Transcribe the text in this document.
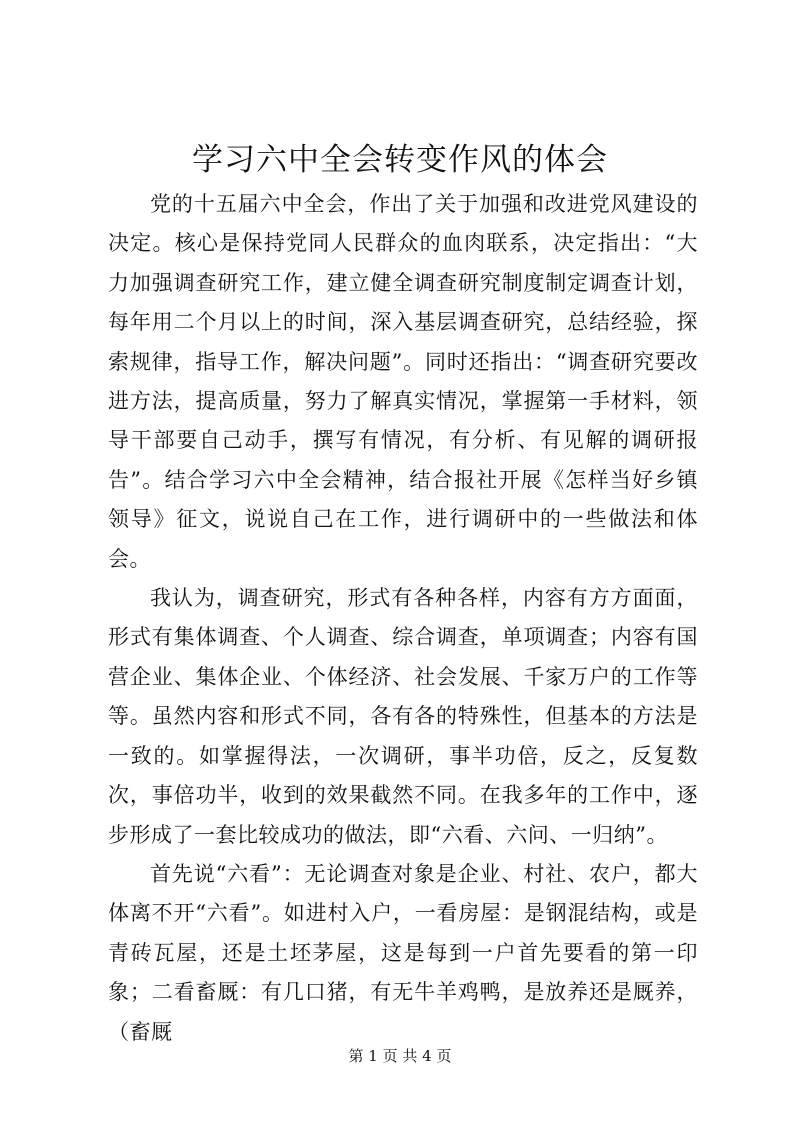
学习六中全会转变作风的体会

党的十五届六中全会，作出了关于加强和改进党风建设的决定。核心是保持党同人民群众的血肉联系，决定指出：“大力加强调查研究工作，建立健全调查研究制度制定调查计划，每年用二个月以上的时间，深入基层调查研究，总结经验，探索规律，指导工作，解决问题”。同时还指出：“调查研究要改进方法，提高质量，努力了解真实情况，掌握第一手材料，领导干部要自己动手，撰写有情况，有分析、有见解的调研报告”。结合学习六中全会精神，结合报社开展《怎样当好乡镇领导》征文，说说自己在工作，进行调研中的一些做法和体会。

我认为，调查研究，形式有各种各样，内容有方方面面，形式有集体调查、个人调查、综合调查，单项调查；内容有国营企业、集体企业、个体经济、社会发展、千家万户的工作等等。虽然内容和形式不同，各有各的特殊性，但基本的方法是一致的。如掌握得法，一次调研，事半功倍，反之，反复数次，事倍功半，收到的效果截然不同。在我多年的工作中，逐步形成了一套比较成功的做法，即“六看、六问、一归纳”。

首先说“六看”：无论调查对象是企业、村社、农户，都大体离不开“六看”。如进村入户，一看房屋：是钢混结构，或是青砖瓦屋，还是土坯茅屋，这是每到一户首先要看的第一印象；二看畜厩：有几口猪，有无牛羊鸡鸭，是放养还是厩养，（畜厩

第 1 页 共 4 页
